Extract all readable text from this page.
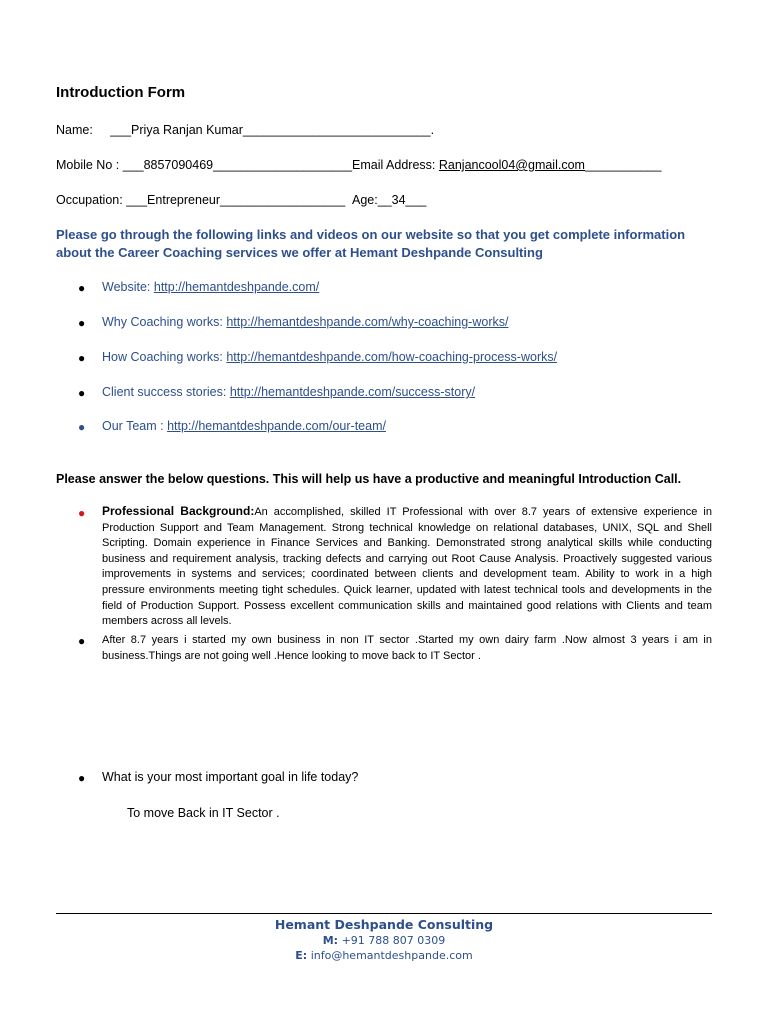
Introduction Form
Name: ___Priya Ranjan Kumar___________________________.
Mobile No : ___8857090469____________________ Email Address: Ranjancool04@gmail.com___________
Occupation: ___Entrepreneur__________________ Age:__34___
Please go through the following links and videos on our website so that you get complete information about the Career Coaching services we offer at Hemant Deshpande Consulting
●	Website: http://hemantdeshpande.com/
●	Why Coaching works: http://hemantdeshpande.com/why-coaching-works/
●	How Coaching works: http://hemantdeshpande.com/how-coaching-process-works/
●	Client success stories: http://hemantdeshpande.com/success-story/
●	Our Team : http://hemantdeshpande.com/our-team/
Please answer the below questions. This will help us have a productive and meaningful Introduction Call.
●	Professional Background:An accomplished, skilled IT Professional with over 8.7 years of extensive experience in Production Support and Team Management. Strong technical knowledge on relational databases, UNIX, SQL and Shell Scripting. Domain experience in Finance Services and Banking. Demonstrated strong analytical skills while conducting business and requirement analysis, tracking defects and carrying out Root Cause Analysis. Proactively suggested various improvements in systems and services; coordinated between clients and development team. Ability to work in a high pressure environments meeting tight schedules. Quick learner, updated with latest technical tools and developments in the field of Production Support. Possess excellent communication skills and maintained good relations with Clients and team members across all levels.
●	After 8.7 years i started my own business in non IT sector .Started my own dairy farm .Now almost 3 years i am in business.Things are not going well .Hence looking to move back to IT Sector .
●	What is your most important goal in life today?
To move Back in IT Sector .
Hemant Deshpande Consulting
M: +91 788 807 0309
E: info@hemantdeshpande.com
